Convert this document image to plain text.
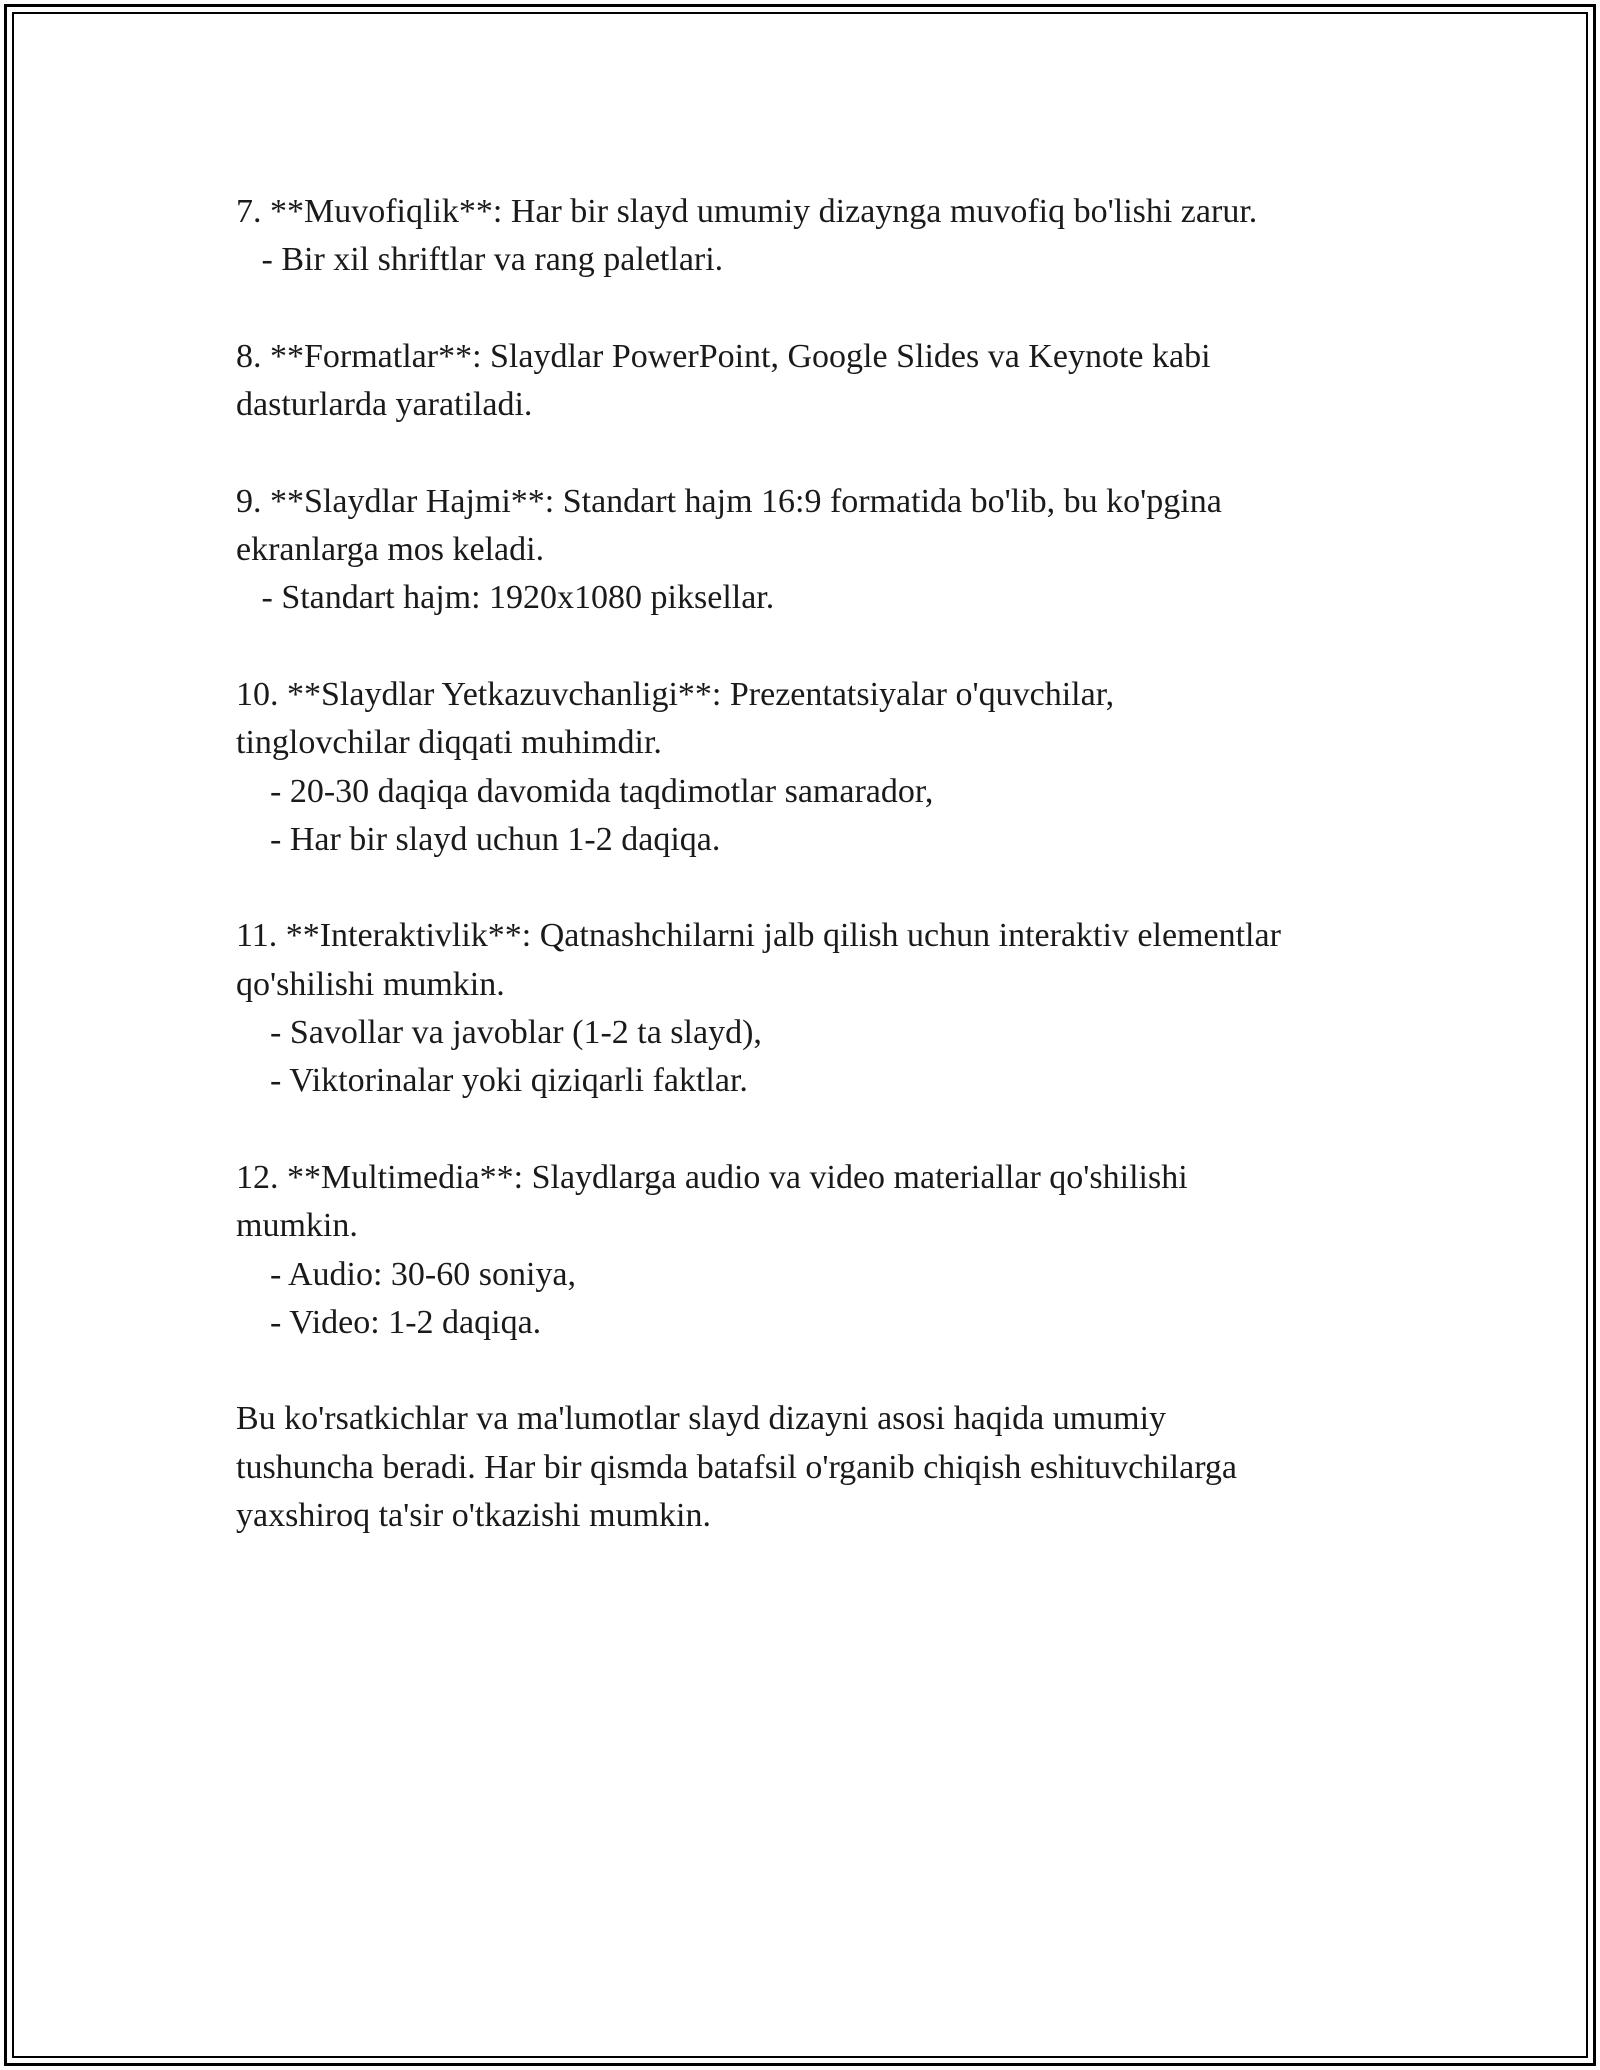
7. **Muvofiqlik**: Har bir slayd umumiy dizaynga muvofiq bo'lishi zarur.

- Bir xil shriftlar va rang paletlari.

8. **Formatlar**: Slaydlar PowerPoint, Google Slides va Keynote kabi

dasturlarda yaratiladi.

9. **Slaydlar Hajmi**: Standart hajm 16:9 formatida bo'lib, bu ko'pgina

ekranlarga mos keladi.

- Standart hajm: 1920x1080 piksellar.

10. **Slaydlar Yetkazuvchanligi**: Prezentatsiyalar o'quvchilar,

tinglovchilar diqqati muhimdir.

- 20-30 daqiqa davomida taqdimotlar samarador,

- Har bir slayd uchun 1-2 daqiqa.

11. **Interaktivlik**: Qatnashchilarni jalb qilish uchun interaktiv elementlar

qo'shilishi mumkin.

- Savollar va javoblar (1-2 ta slayd),

- Viktorinalar yoki qiziqarli faktlar.

12. **Multimedia**: Slaydlarga audio va video materiallar qo'shilishi

mumkin.

- Audio: 30-60 soniya,

- Video: 1-2 daqiqa.

Bu ko'rsatkichlar va ma'lumotlar slayd dizayni asosi haqida umumiy

tushuncha beradi. Har bir qismda batafsil o'rganib chiqish eshituvchilarga

yaxshiroq ta'sir o'tkazishi mumkin.
